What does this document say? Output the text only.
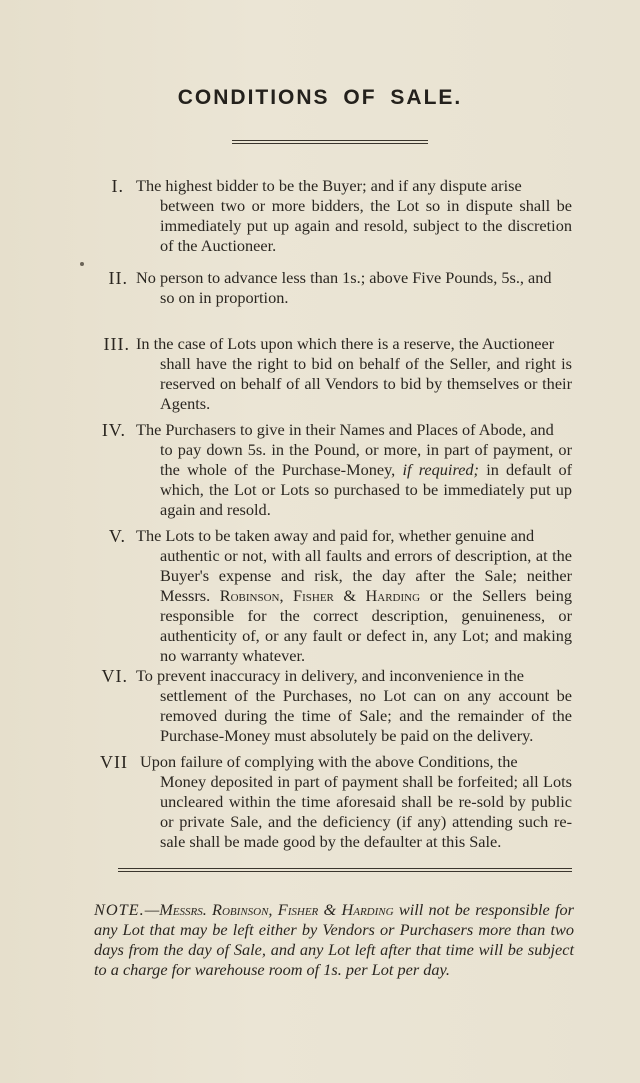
CONDITIONS OF SALE.
I. The highest bidder to be the Buyer; and if any dispute arise
between two or more bidders, the Lot so in dispute shall be immediately put up again and resold, subject to the discretion of the Auctioneer.
II. No person to advance less than 1s.; above Five Pounds, 5s., and
so on in proportion.
III. In the case of Lots upon which there is a reserve, the Auctioneer
shall have the right to bid on behalf of the Seller, and right is reserved on behalf of all Vendors to bid by themselves or their Agents.
IV. The Purchasers to give in their Names and Places of Abode, and
to pay down 5s. in the Pound, or more, in part of payment, or the whole of the Purchase-Money, if required; in default of which, the Lot or Lots so purchased to be immediately put up again and resold.
V. The Lots to be taken away and paid for, whether genuine and
authentic or not, with all faults and errors of description, at the Buyer's expense and risk, the day after the Sale; neither Messrs. Robinson, Fisher & Harding or the Sellers being responsible for the correct description, genuineness, or authenticity of, or any fault or defect in, any Lot; and making no warranty whatever.
VI. To prevent inaccuracy in delivery, and inconvenience in the
settlement of the Purchases, no Lot can on any account be removed during the time of Sale; and the remainder of the Purchase-Money must absolutely be paid on the delivery.
VII Upon failure of complying with the above Conditions, the
Money deposited in part of payment shall be forfeited; all Lots uncleared within the time aforesaid shall be re-sold by public or private Sale, and the deficiency (if any) attending such re-sale shall be made good by the defaulter at this Sale.
NOTE.—Messrs. Robinson, Fisher & Harding will not be responsible for any Lot that may be left either by Vendors or Purchasers more than two days from the day of Sale, and any Lot left after that time will be subject to a charge for warehouse room of 1s. per Lot per day.
